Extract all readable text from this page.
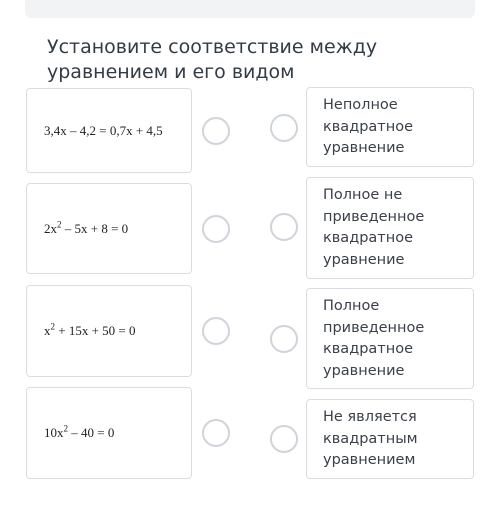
Установите соответствие между уравнением и его видом
3,4x – 4,2 = 0,7x + 4,5
$2x^2 - 5x + 8 = 0$
$x^2 + 15x + 50 = 0$
$10x^2 - 40 = 0$
Неполное квадратное уравнение
Полное не приведенное квадратное уравнение
Полное приведенное квадратное уравнение
Не является квадратным уравнением
